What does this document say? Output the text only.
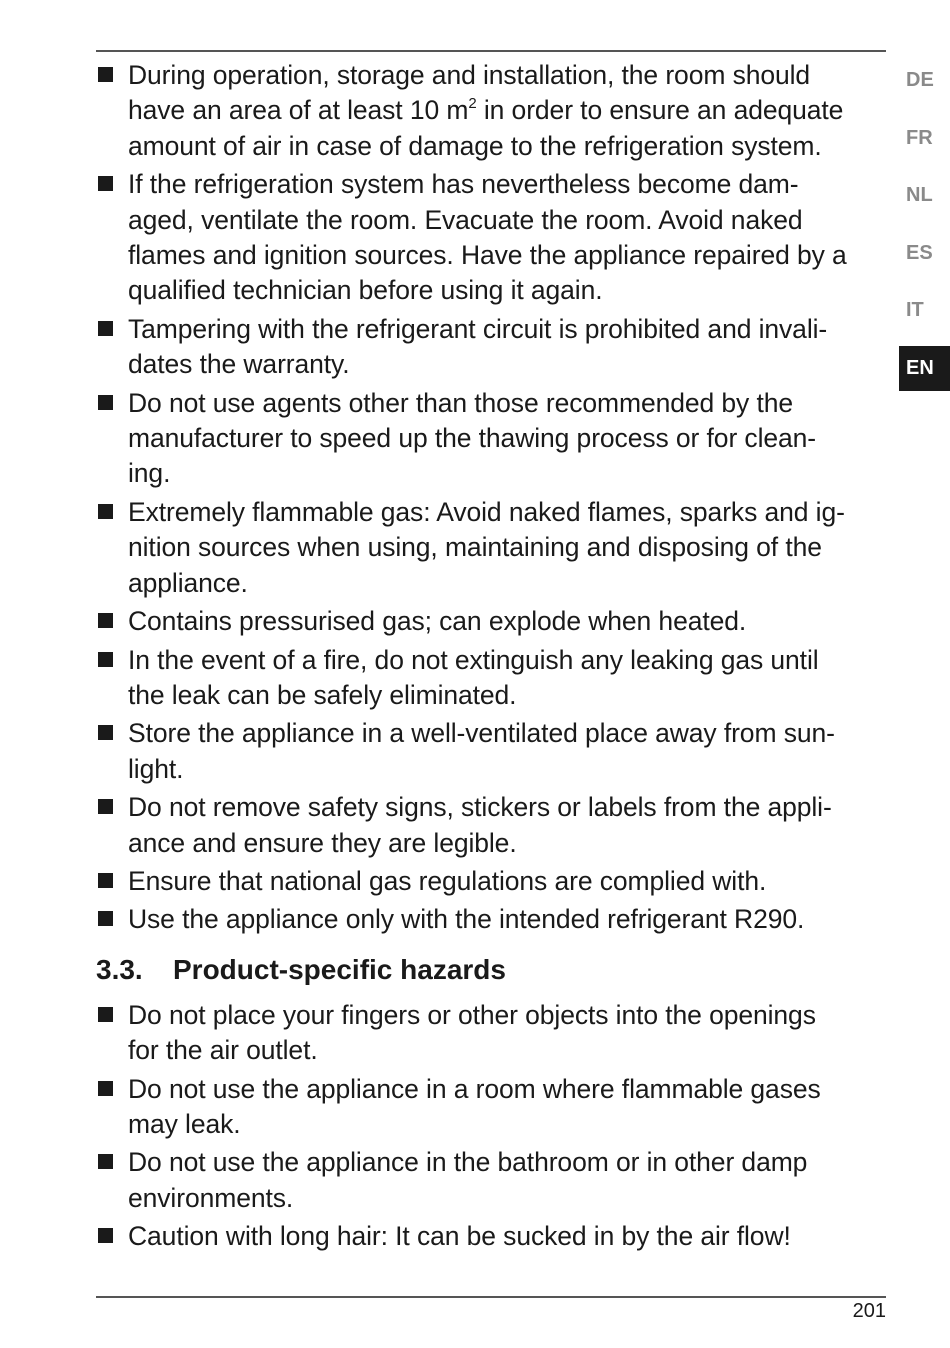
During operation, storage and installation, the room should
have an area of at least 10 $m^2$ in order to ensure an adequate
amount of air in case of damage to the refrigeration system.
If the refrigeration system has nevertheless become dam-
aged, ventilate the room. Evacuate the room. Avoid naked
flames and ignition sources. Have the appliance repaired by a
qualified technician before using it again.
Tampering with the refrigerant circuit is prohibited and invali-
dates the warranty.
Do not use agents other than those recommended by the
manufacturer to speed up the thawing process or for clean-
ing.
Extremely flammable gas: Avoid naked flames, sparks and ig-
nition sources when using, maintaining and disposing of the
appliance.
Contains pressurised gas; can explode when heated.
In the event of a fire, do not extinguish any leaking gas until
the leak can be safely eliminated.
Store the appliance in a well-ventilated place away from sun-
light.
Do not remove safety signs, stickers or labels from the appli-
ance and ensure they are legible.
Ensure that national gas regulations are complied with.
Use the appliance only with the intended refrigerant R290.
3.3. Product-specific hazards
Do not place your fingers or other objects into the openings
for the air outlet.
Do not use the appliance in a room where flammable gases
may leak.
Do not use the appliance in the bathroom or in other damp
environments.
Caution with long hair: It can be sucked in by the air flow!
DE
FR
NL
ES
IT
EN
201
